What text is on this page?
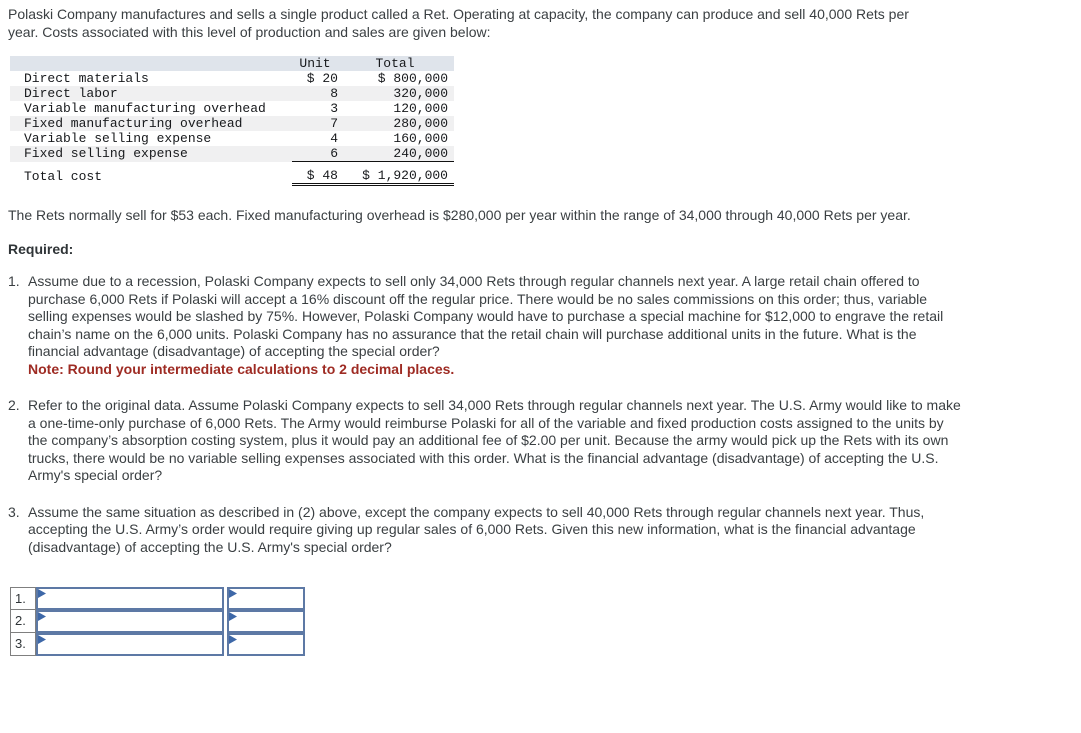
Polaski Company manufactures and sells a single product called a Ret. Operating at capacity, the company can produce and sell 40,000 Rets per year. Costs associated with this level of production and sales are given below:
	Unit	Total
Direct materials	$ 20	$ 800,000
Direct labor	8	320,000
Variable manufacturing overhead	3	120,000
Fixed manufacturing overhead	7	280,000
Variable selling expense	4	160,000
Fixed selling expense	6	240,000
Total cost	$ 48	$ 1,920,000
The Rets normally sell for $53 each. Fixed manufacturing overhead is $280,000 per year within the range of 34,000 through 40,000 Rets per year.
Required:
1. Assume due to a recession, Polaski Company expects to sell only 34,000 Rets through regular channels next year. A large retail chain offered to purchase 6,000 Rets if Polaski will accept a 16% discount off the regular price. There would be no sales commissions on this order; thus, variable selling expenses would be slashed by 75%. However, Polaski Company would have to purchase a special machine for $12,000 to engrave the retail chain’s name on the 6,000 units. Polaski Company has no assurance that the retail chain will purchase additional units in the future. What is the financial advantage (disadvantage) of accepting the special order?
Note: Round your intermediate calculations to 2 decimal places.
2. Refer to the original data. Assume Polaski Company expects to sell 34,000 Rets through regular channels next year. The U.S. Army would like to make a one-time-only purchase of 6,000 Rets. The Army would reimburse Polaski for all of the variable and fixed production costs assigned to the units by the company’s absorption costing system, plus it would pay an additional fee of $2.00 per unit. Because the army would pick up the Rets with its own trucks, there would be no variable selling expenses associated with this order. What is the financial advantage (disadvantage) of accepting the U.S. Army's special order?
3. Assume the same situation as described in (2) above, except the company expects to sell 40,000 Rets through regular channels next year. Thus, accepting the U.S. Army’s order would require giving up regular sales of 6,000 Rets. Given this new information, what is the financial advantage (disadvantage) of accepting the U.S. Army's special order?
1.
2.
3.
